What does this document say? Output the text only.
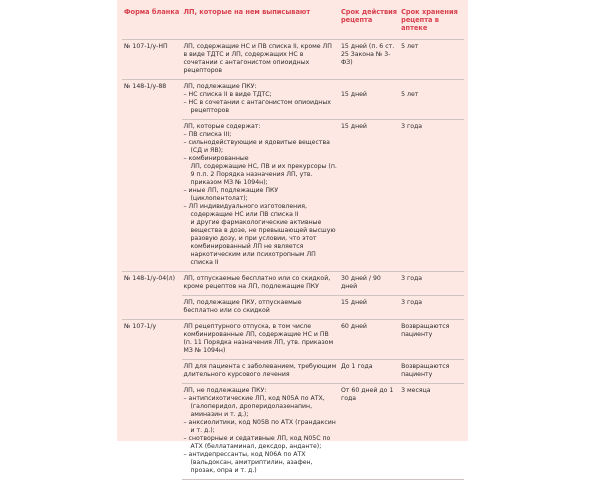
Форма бланка	ЛП, которые на нем выписывают	Срок действия рецепта	Срок хранения рецепта в аптеке
№ 107-1/у-НП	ЛП, содержащие НС и ПВ списка II, кроме ЛП в виде ТДТС и ЛП, содержащих НС в сочетании с антагонистом опиоидных рецепторов	15 дней (п. 6 ст. 25 Закона № 3-ФЗ)	5 лет
№ 148-1/у-88	ЛП, подлежащие ПКУ:
– НС списка II в виде ТДТС;
– НС в сочетании с антагонистом опиоидных рецепторов	15 дней	5 лет

ЛП, которые содержат:
– ПВ списка III;
– сильнодействующие и ядовитые вещества (СД и ЯВ);
– комбинированные
ЛП, содержащие НС, ПВ и их прекурсоры (п. 9 п.п. 2 Порядка назначения ЛП, утв. приказом МЗ № 1094н);
– иные ЛП, подлежащие ПКУ (циклопентолат);
– ЛП индивидуального изготовления, содержащие НС или ПВ списка II
и другие фармакологические активные вещества в дозе, не превышающей высшую разовую дозу, и при условии, что этот комбинированный ЛП не является наркотическим или психотропным ЛП списка II
	15 дней	3 года
№ 148-1/у-04(л)	ЛП, отпускаемые бесплатно или со скидкой, кроме рецептов на ЛП, подлежащие ПКУ	30 дней / 90 дней	3 года

	ЛП, подлежащие ПКУ, отпускаемые бесплатно или со скидкой	15 дней	3 года
№ 107-1/у	ЛП рецептурного отпуска, в том числе комбинированные ЛП, содержащие НС и ПВ (п. 11 Порядка назначения ЛП, утв. приказом МЗ № 1094н)	60 дней	Возвращаются пациенту

	ЛП для пациента с заболеванием, требующим длительного курсового лечения	До 1 года	Возвращаются пациенту

	ЛП, не подлежащие ПКУ:
– антипсихотические ЛП, код N05A по АТХ, (галоперидол, дроперидолазенапин, аминазин и т. д.);
– анксиолитики, код N05B по АТХ (грандаксин и т. д.);
– снотворные и седативные ЛП, код N05C по АТХ (беллатаминал, дексдор, анданте);
– антидепрессанты, код N06A по АТХ (вальдоксан, амитриптилин, азафен, прозак, опра и т. д.)	От 60 дней до 1 года	3 месяца
